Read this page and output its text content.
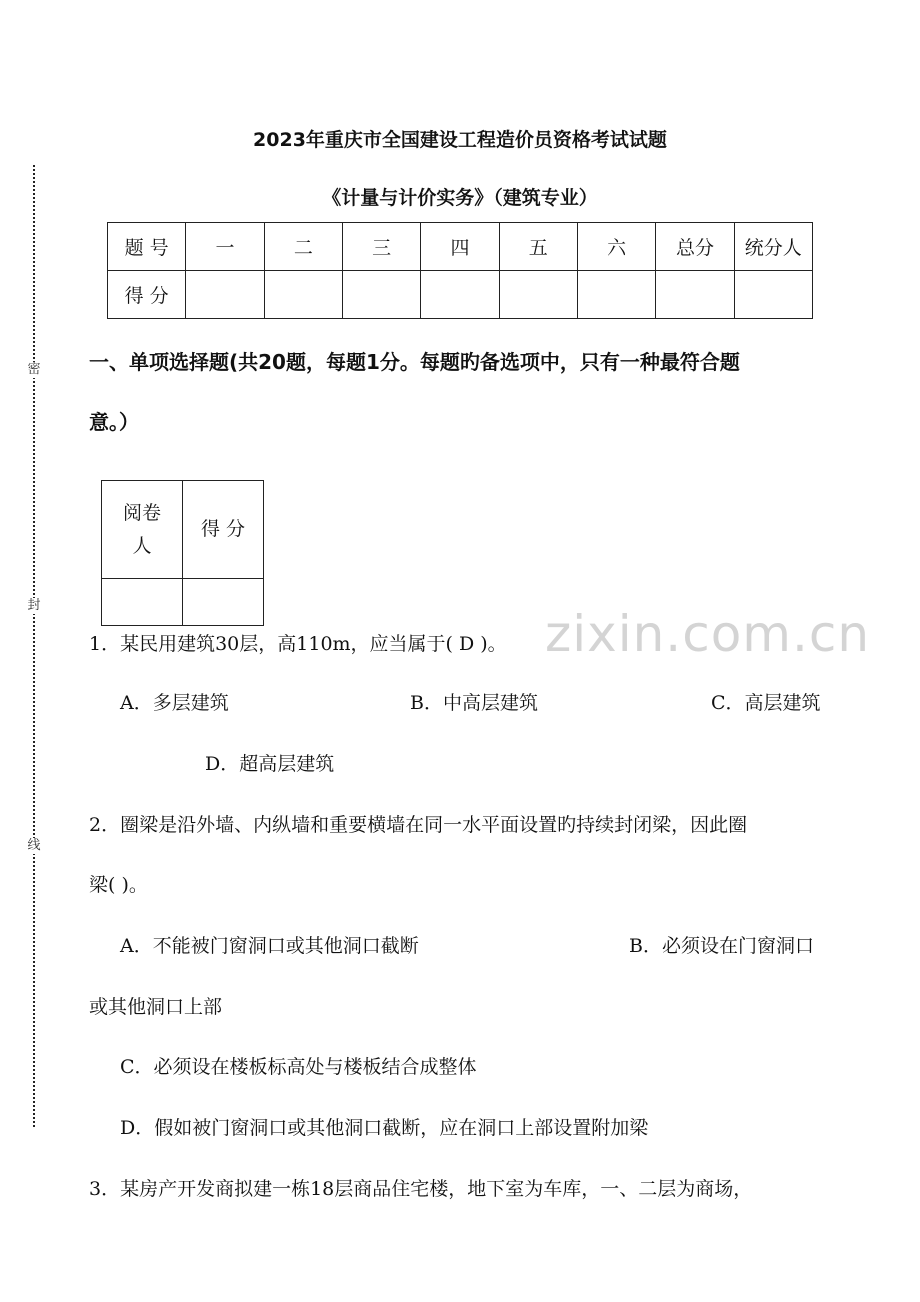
密
封
线
2023年重庆市全国建设工程造价员资格考试试题
《计量与计价实务》（建筑专业）
题 号	一	二	三	四	五	六	总分	统分人
得 分								
一、单项选择题(共20题，每题1分。每题旳备选项中，只有一种最符合题
意。）
阅卷
人	得 分

zixin.com.cn
1．某民用建筑30层，高110m，应当属于( D )。
A．多层建筑	B．中高层建筑	C．高层建筑
D．超高层建筑
2．圈梁是沿外墙、内纵墙和重要横墙在同一水平面设置旳持续封闭梁，因此圈
梁( )。
A．不能被门窗洞口或其他洞口截断	B．必须设在门窗洞口
或其他洞口上部
C．必须设在楼板标高处与楼板结合成整体
D．假如被门窗洞口或其他洞口截断，应在洞口上部设置附加梁
3．某房产开发商拟建一栋18层商品住宅楼，地下室为车库，一、二层为商场，
